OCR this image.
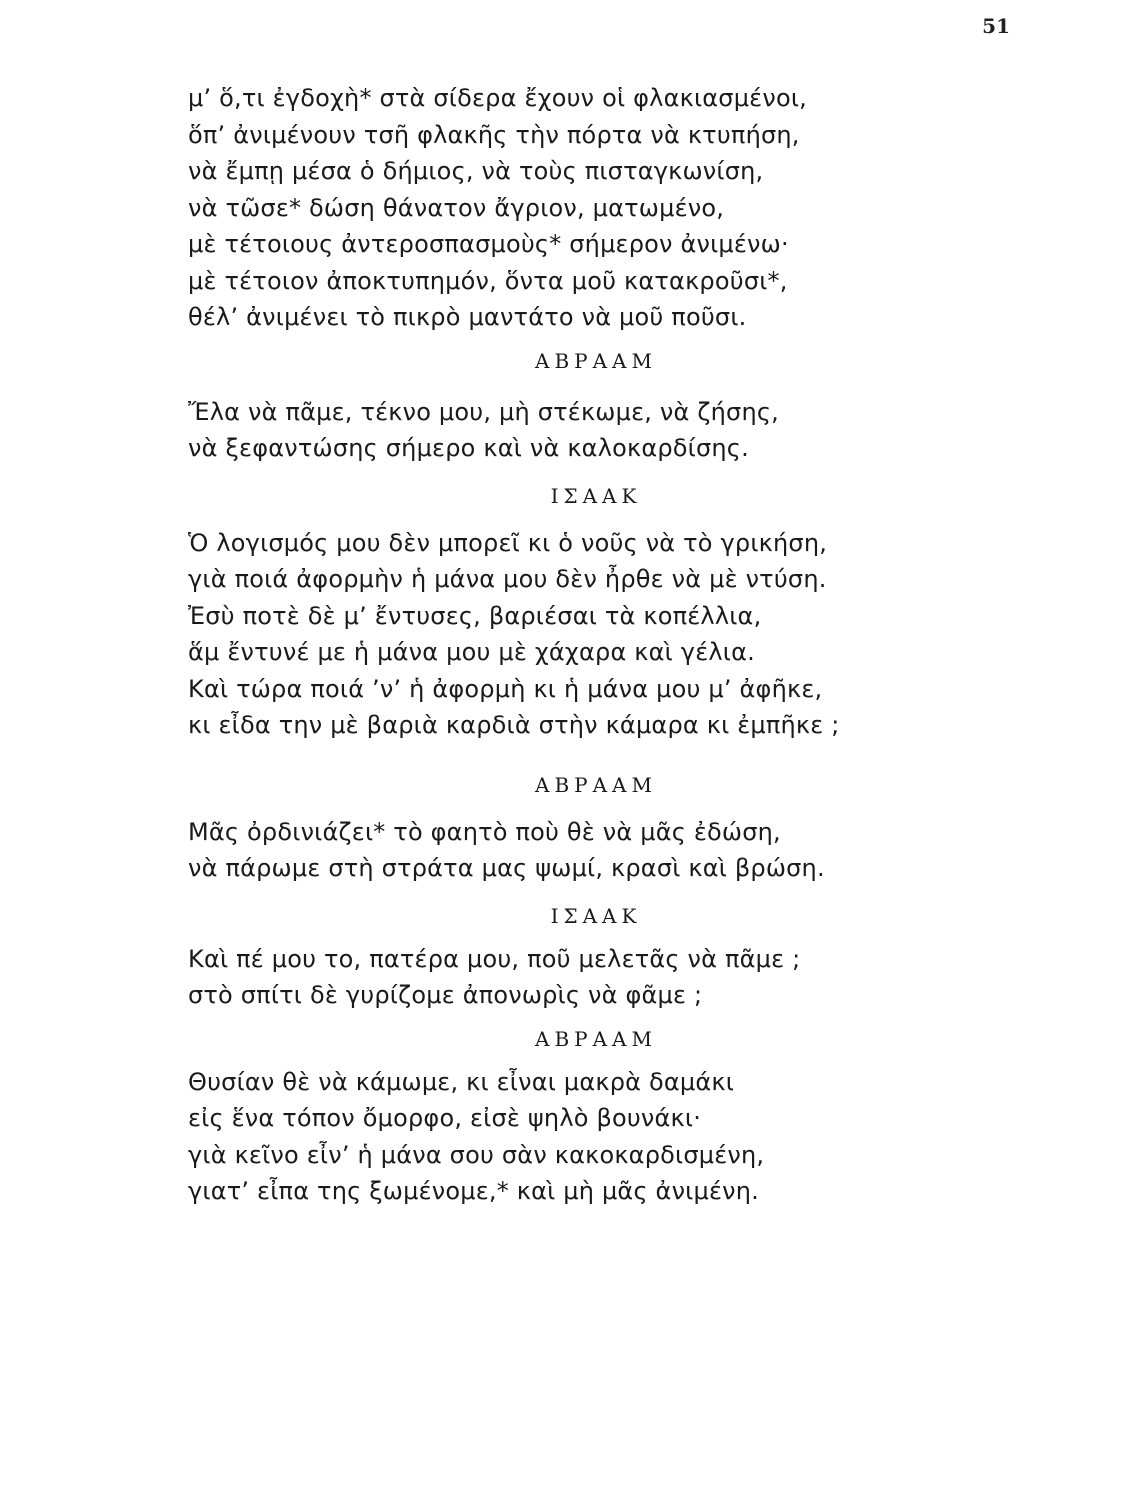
51
μ’ ὅ,τι ἐγδοχὴ* στὰ σίδερα ἔχουν οἱ φλακιασμένοι,
ὅπ’ ἀνιμένουν τσῆ φλακῆς τὴν πόρτα νὰ κτυπήση,
νὰ ἔμπῃ μέσα ὁ δήμιος, νὰ τοὺς πισταγκωνίση,
νὰ τῶσε* δώση θάνατον ἄγριον, ματωμένο,
μὲ τέτοιους ἀντεροσπασμοὺς* σήμερον ἀνιμένω·
μὲ τέτοιον ἀποκτυπημόν, ὅντα μοῦ κατακροῦσι*,
θέλ’ ἀνιμένει τὸ πικρὸ μαντάτο νὰ μοῦ ποῦσι.
ΑΒΡΑΑΜ
Ἔλα νὰ πᾶμε, τέκνο μου, μὴ στέκωμε, νὰ ζήσης,
νὰ ξεφαντώσης σήμερο καὶ νὰ καλοκαρδίσης.
ΙΣΑΑΚ
Ὁ λογισμός μου δὲν μπορεῖ κι ὁ νοῦς νὰ τὸ γρικήση,
γιὰ ποιά ἀφορμὴν ἡ μάνα μου δὲν ἦρθε νὰ μὲ ντύση.
Ἐσὺ ποτὲ δὲ μ’ ἔντυσες, βαριέσαι τὰ κοπέλλια,
ἅμ ἔντυνέ με ἡ μάνα μου μὲ χάχαρα καὶ γέλια.
Καὶ τώρα ποιά ’ν’ ἡ ἀφορμὴ κι ἡ μάνα μου μ’ ἀφῆκε,
κι εἶδα την μὲ βαριὰ καρδιὰ στὴν κάμαρα κι ἐμπῆκε ;
ΑΒΡΑΑΜ
Μᾶς ὀρδινιάζει* τὸ φαητὸ ποὺ θὲ νὰ μᾶς ἐδώση,
νὰ πάρωμε στὴ στράτα μας ψωμί, κρασὶ καὶ βρώση.
ΙΣΑΑΚ
Καὶ πέ μου το, πατέρα μου, ποῦ μελετᾶς νὰ πᾶμε ;
στὸ σπίτι δὲ γυρίζομε ἀπονωρὶς νὰ φᾶμε ;
ΑΒΡΑΑΜ
Θυσίαν θὲ νὰ κάμωμε, κι εἶναι μακρὰ δαμάκι
εἰς ἕνα τόπον ὄμορφο, εἰσὲ ψηλὸ βουνάκι·
γιὰ κεῖνο εἶν’ ἡ μάνα σου σὰν κακοκαρδισμένη,
γιατ’ εἶπα της ξωμένομε,* καὶ μὴ μᾶς ἀνιμένη.
